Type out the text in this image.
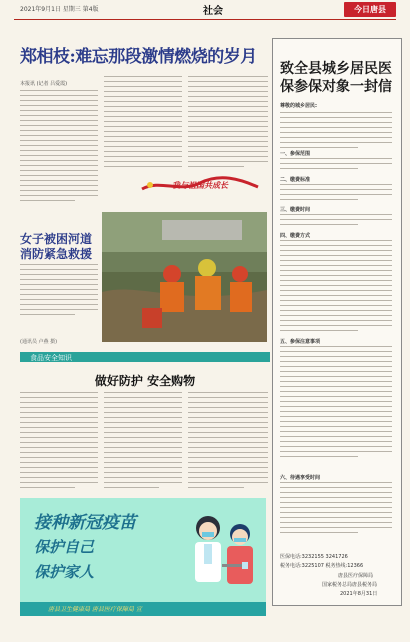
2021年9月1日 星期三 第4版	社会	今日唐县
郑相枝:难忘那段激情燃烧的岁月
本报讯 (记者 吕爱霞)
我与祖国共成长
女子被困河道 消防紧急救援
(通讯员 卢燕 摄)
食品安全知识
做好防护 安全购物
致全县城乡居民医保参保对象一封信
尊敬的城乡居民:
一、参保范围
二、缴费标准
三、缴费时间
四、缴费方式
五、参保注意事项
六、待遇享受时间
医保电话:3232155 3241726
税务电话:3225107 税务热线:12366
唐县医疗保障局
国家税务总局唐县税务局
2021年8月31日
接种新冠疫苗
保护自己
保护家人
唐县卫生健康局 唐县医疗保障局 宣
